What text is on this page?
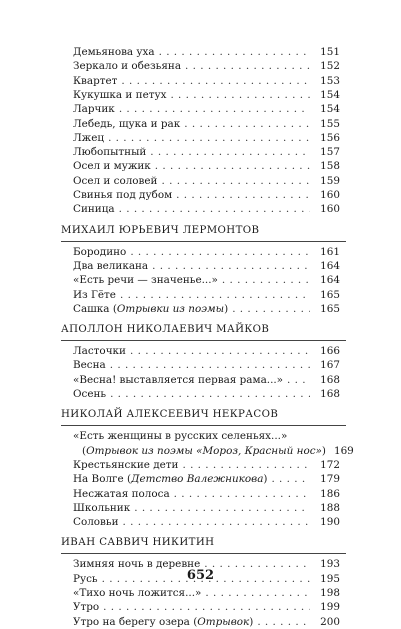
Демьянова уха . . .	151
Зеркало и обезьяна . . .	152
Квартет . . .	153
Кукушка и петух . . .	154
Ларчик . . .	154
Лебедь, щука и рак . . .	155
Лжец . . .	156
Любопытный . . .	157
Осел и мужик . . .	158
Осел и соловей . . .	159
Свинья под дубом . . .	160
Синица . . .	160
МИХАИЛ ЮРЬЕВИЧ ЛЕРМОНТОВ
Бородино . . .	161
Два великана . . .	164
«Есть речи — значенье...» . . .	164
Из Гёте . . .	165
Сашка (Отрывки из поэмы) . . .	165
АПОЛЛОН НИКОЛАЕВИЧ МАЙКОВ
Ласточки . . .	166
Весна . . .	167
«Весна! выставляется первая рама...» . . .	168
Осень . . .	168
НИКОЛАЙ АЛЕКСЕЕВИЧ НЕКРАСОВ
«Есть женщины в русских селеньях...»
(Отрывок из поэмы «Мороз, Красный нос») 169
Крестьянские дети . . .	172
На Волге (Детство Валежникова) . . .	179
Несжатая полоса . . .	186
Школьник . . .	188
Соловьи . . .	190
ИВАН САВВИЧ НИКИТИН
Зимняя ночь в деревне . . .	193
Русь . . .	195
«Тихо ночь ложится...» . . .	198
Утро . . .	199
Утро на берегу озера (Отрывок) . . .	200
652
